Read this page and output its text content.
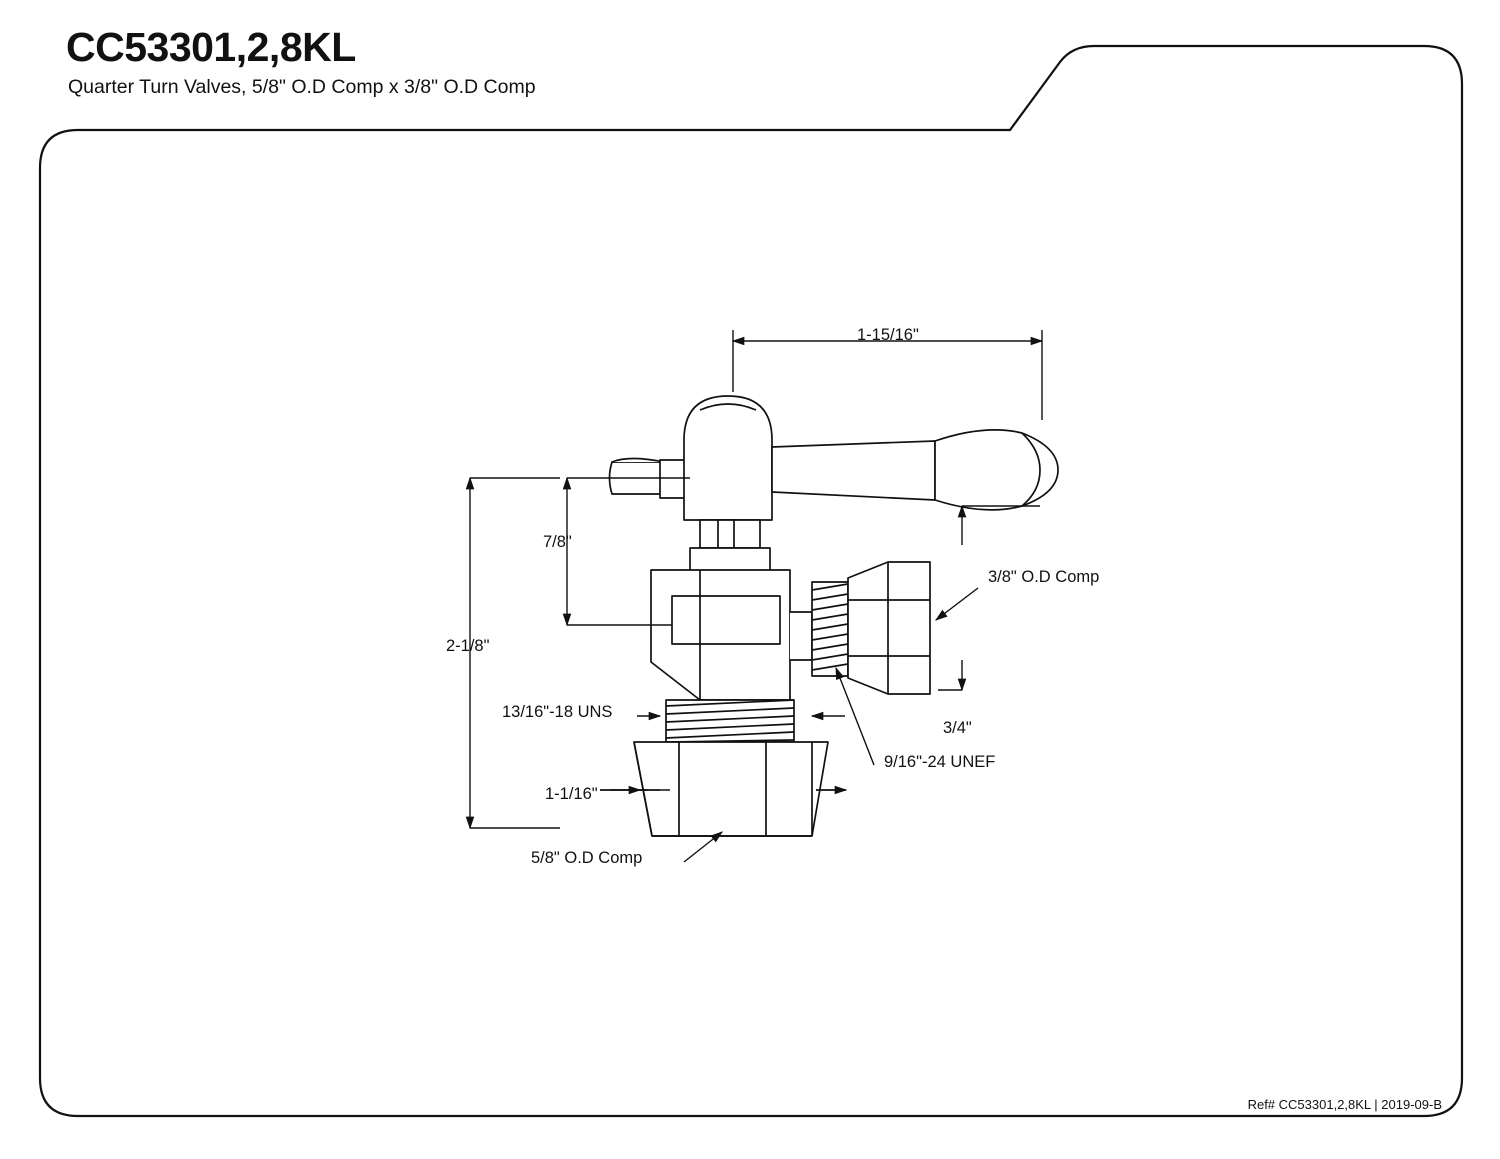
CC53301,2,8KL
Quarter Turn Valves, 5/8" O.D Comp x 3/8" O.D Comp
Ref# CC53301,2,8KL | 2019-09-B
1-15/16"
7/8"
2-1/8"
3/8" O.D Comp
3/4"
9/16"-24 UNEF
13/16"-18 UNS
1-1/16"
5/8" O.D Comp
